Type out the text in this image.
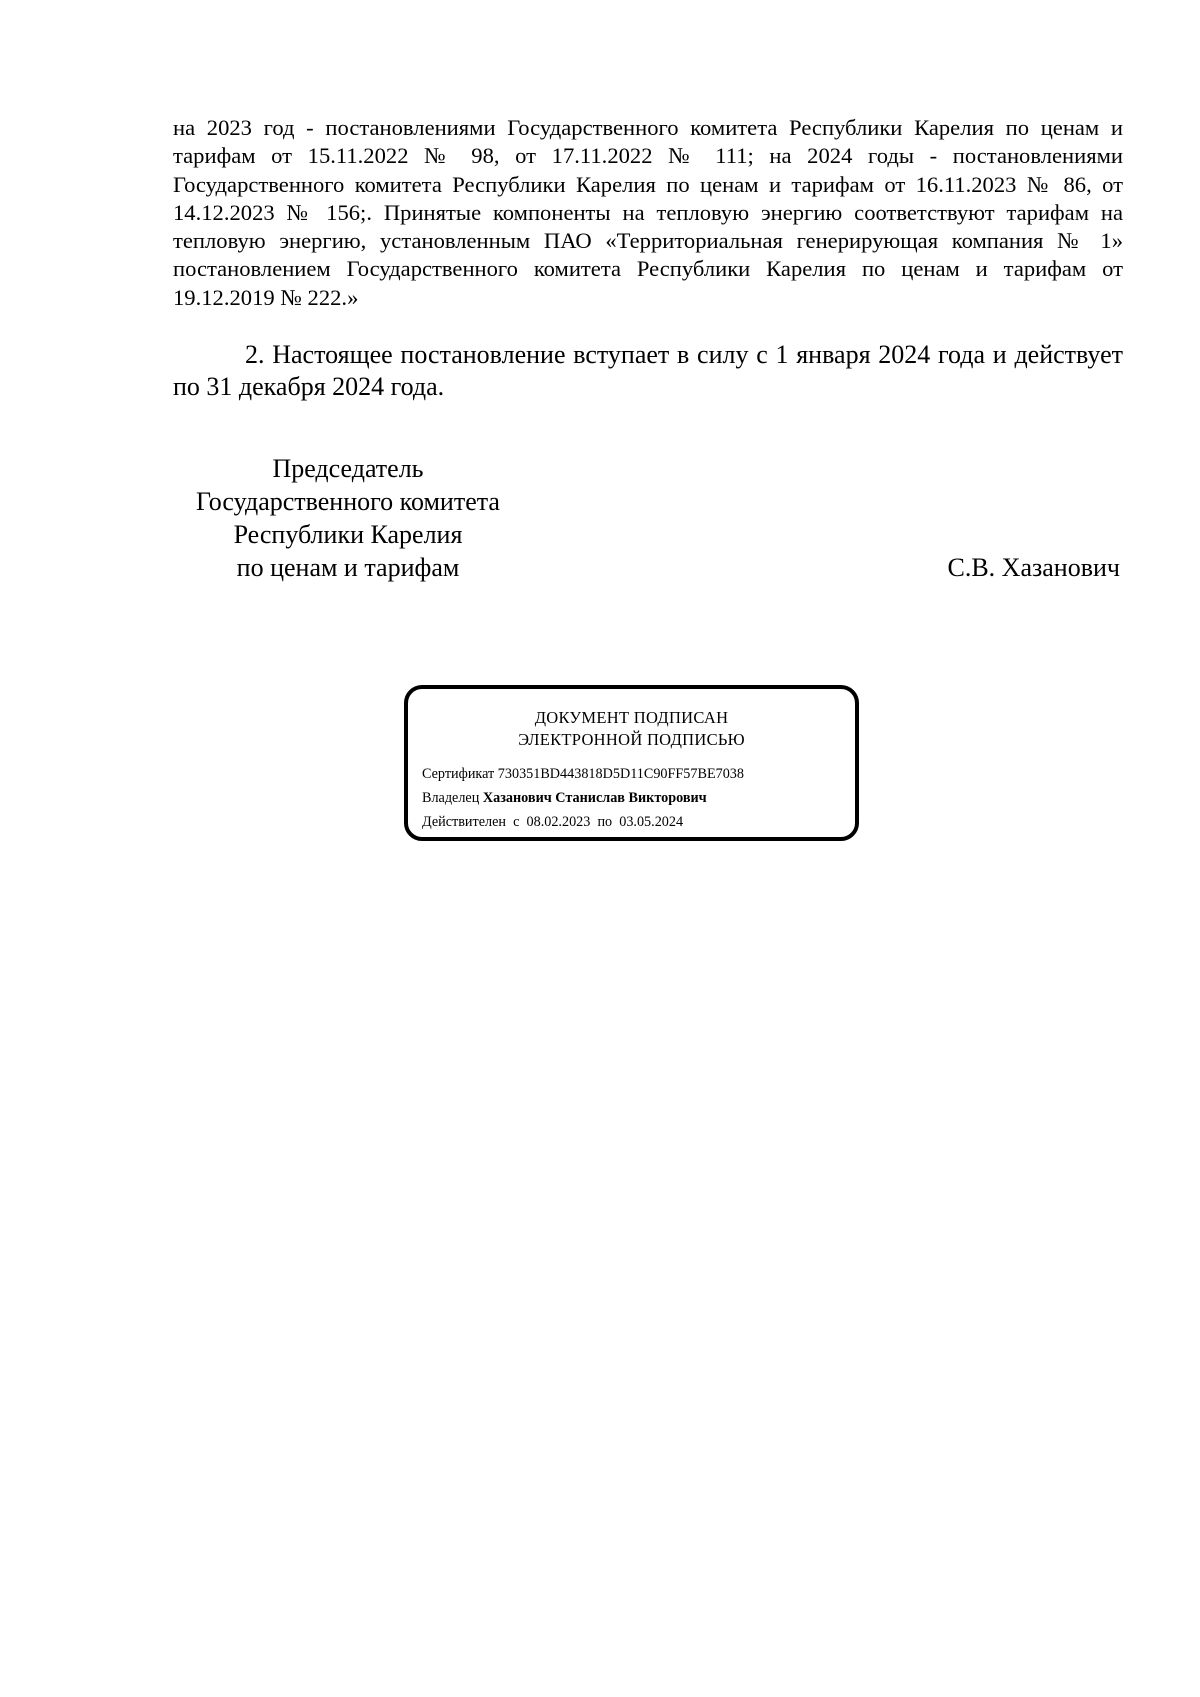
на 2023 год - постановлениями Государственного комитета Республики Карелия по ценам и тарифам от 15.11.2022 № 98, от 17.11.2022 № 111; на 2024 годы - постановлениями Государственного комитета Республики Карелия по ценам и тарифам от 16.11.2023 № 86, от 14.12.2023 № 156;. Принятые компоненты на тепловую энергию соответствуют тарифам на тепловую энергию, установленным ПАО «Территориальная генерирующая компания № 1» постановлением Государственного комитета Республики Карелия по ценам и тарифам от 19.12.2019 № 222.»

2. Настоящее постановление вступает в силу с 1 января 2024 года и действует по 31 декабря 2024 года.

Председатель
Государственного комитета
Республики Карелия
по ценам и тарифам	С.В. Хазанович
ДОКУМЕНТ ПОДПИСАН
ЭЛЕКТРОННОЙ ПОДПИСЬЮ
Сертификат 730351BD443818D5D11C90FF57BE7038
Владелец Хазанович Станислав Викторович
Действителен с 08.02.2023 по 03.05.2024
